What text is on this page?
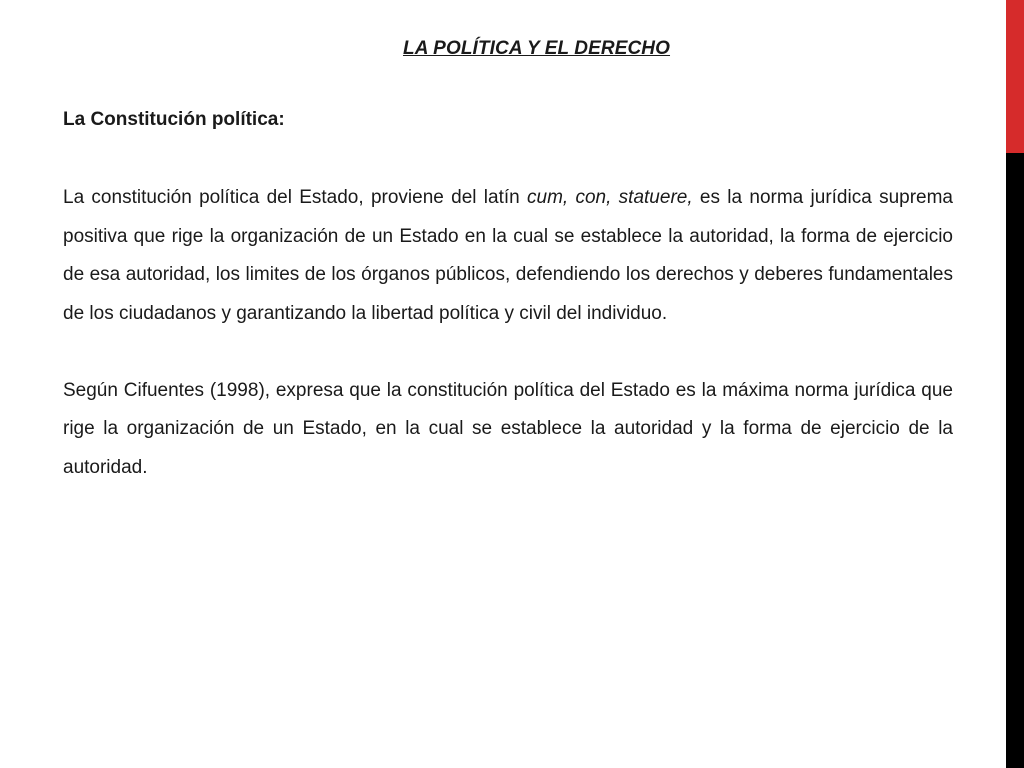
LA POLÍTICA Y EL DERECHO
La Constitución política:

La constitución política del Estado, proviene del latín cum, con, statuere, es la norma jurídica suprema positiva que rige la organización de un Estado en la cual se establece la autoridad, la forma de ejercicio de esa autoridad, los limites de los órganos públicos, defendiendo los derechos y deberes fundamentales de los ciudadanos y garantizando la libertad política y civil del individuo.

Según Cifuentes (1998), expresa que la constitución política del Estado es la máxima norma jurídica que rige la organización de un Estado, en la cual se establece la autoridad y la forma de ejercicio de la autoridad.
